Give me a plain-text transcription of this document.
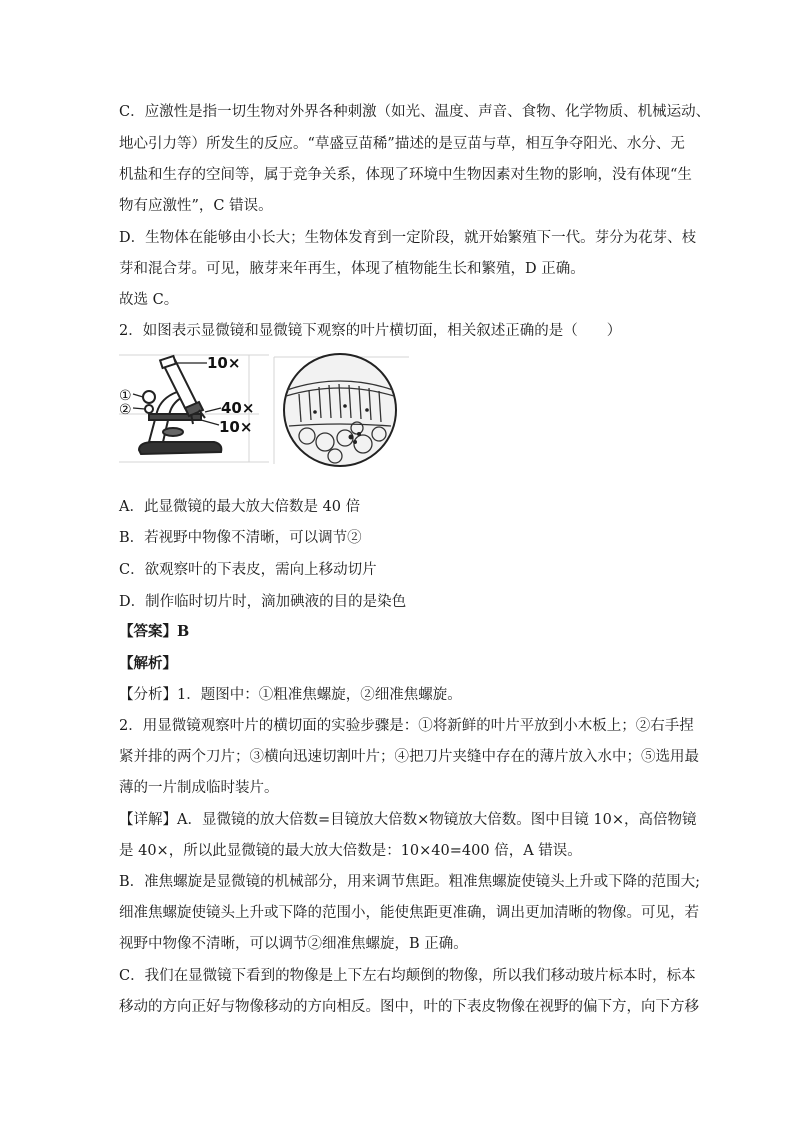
C．应激性是指一切生物对外界各种刺激（如光、温度、声音、食物、化学物质、机械运动、
地心引力等）所发生的反应。“草盛豆苗稀”描述的是豆苗与草，相互争夺阳光、水分、无
机盐和生存的空间等，属于竞争关系，体现了环境中生物因素对生物的影响，没有体现“生
物有应激性”，C 错误。
D．生物体在能够由小长大；生物体发育到一定阶段，就开始繁殖下一代。芽分为花芽、枝
芽和混合芽。可见，腋芽来年再生，体现了植物能生长和繁殖，D 正确。
故选 C。
2．如图表示显微镜和显微镜下观察的叶片横切面，相关叙述正确的是（　　）
10×
40×
10×
①
②
A．此显微镜的最大放大倍数是 40 倍
B．若视野中物像不清晰，可以调节②
C．欲观察叶的下表皮，需向上移动切片
D．制作临时切片时，滴加碘液的目的是染色
【答案】B
【解析】
【分析】1．题图中：①粗准焦螺旋，②细准焦螺旋。
2．用显微镜观察叶片的横切面的实验步骤是：①将新鲜的叶片平放到小木板上；②右手捏
紧并排的两个刀片；③横向迅速切割叶片；④把刀片夹缝中存在的薄片放入水中；⑤选用最
薄的一片制成临时装片。
【详解】A．显微镜的放大倍数=目镜放大倍数×物镜放大倍数。图中目镜 10×，高倍物镜
是 40×，所以此显微镜的最大放大倍数是：10×40=400 倍，A 错误。
B．准焦螺旋是显微镜的机械部分，用来调节焦距。粗准焦螺旋使镜头上升或下降的范围大;
细准焦螺旋使镜头上升或下降的范围小，能使焦距更准确，调出更加清晰的物像。可见，若
视野中物像不清晰，可以调节②细准焦螺旋，B 正确。
C．我们在显微镜下看到的物像是上下左右均颠倒的物像，所以我们移动玻片标本时，标本
移动的方向正好与物像移动的方向相反。图中，叶的下表皮物像在视野的偏下方，向下方移
